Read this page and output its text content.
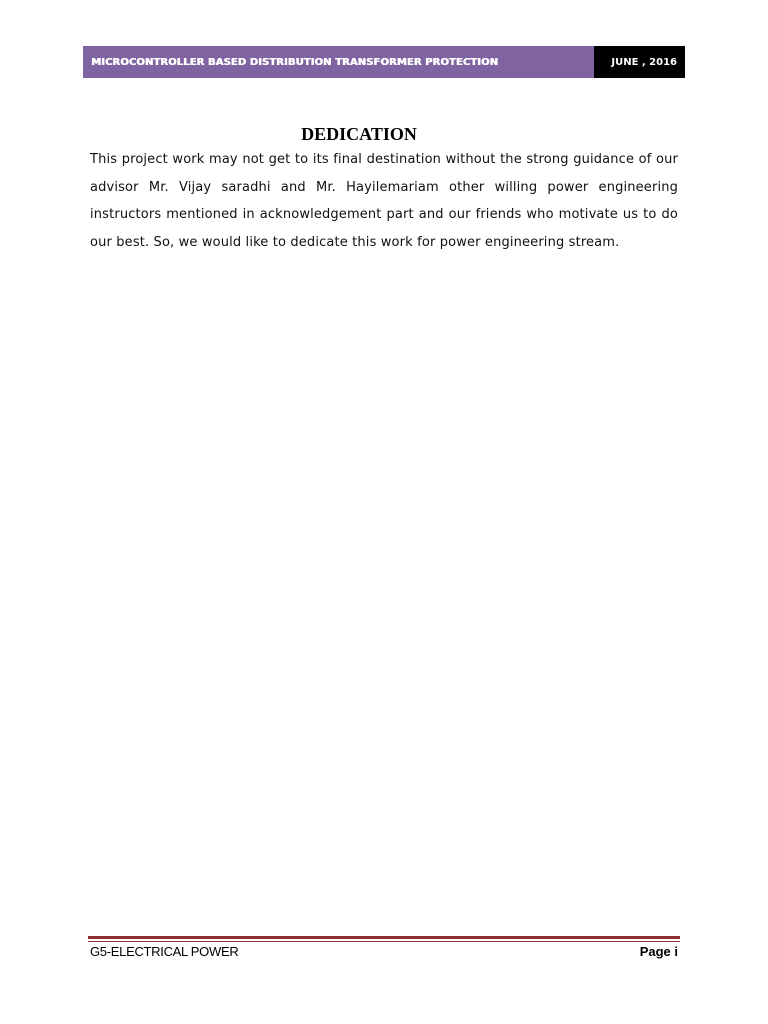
MICROCONTROLLER BASED DISTRIBUTION TRANSFORMER PROTECTION	JUNE , 2016
DEDICATION

This project work may not get to its final destination without the strong guidance of our advisor Mr. Vijay saradhi and Mr. Hayilemariam other willing power engineering instructors mentioned in acknowledgement part and our friends who motivate us to do our best. So, we would like to dedicate this work for power engineering stream.

G5-ELECTRICAL POWER	Page i
